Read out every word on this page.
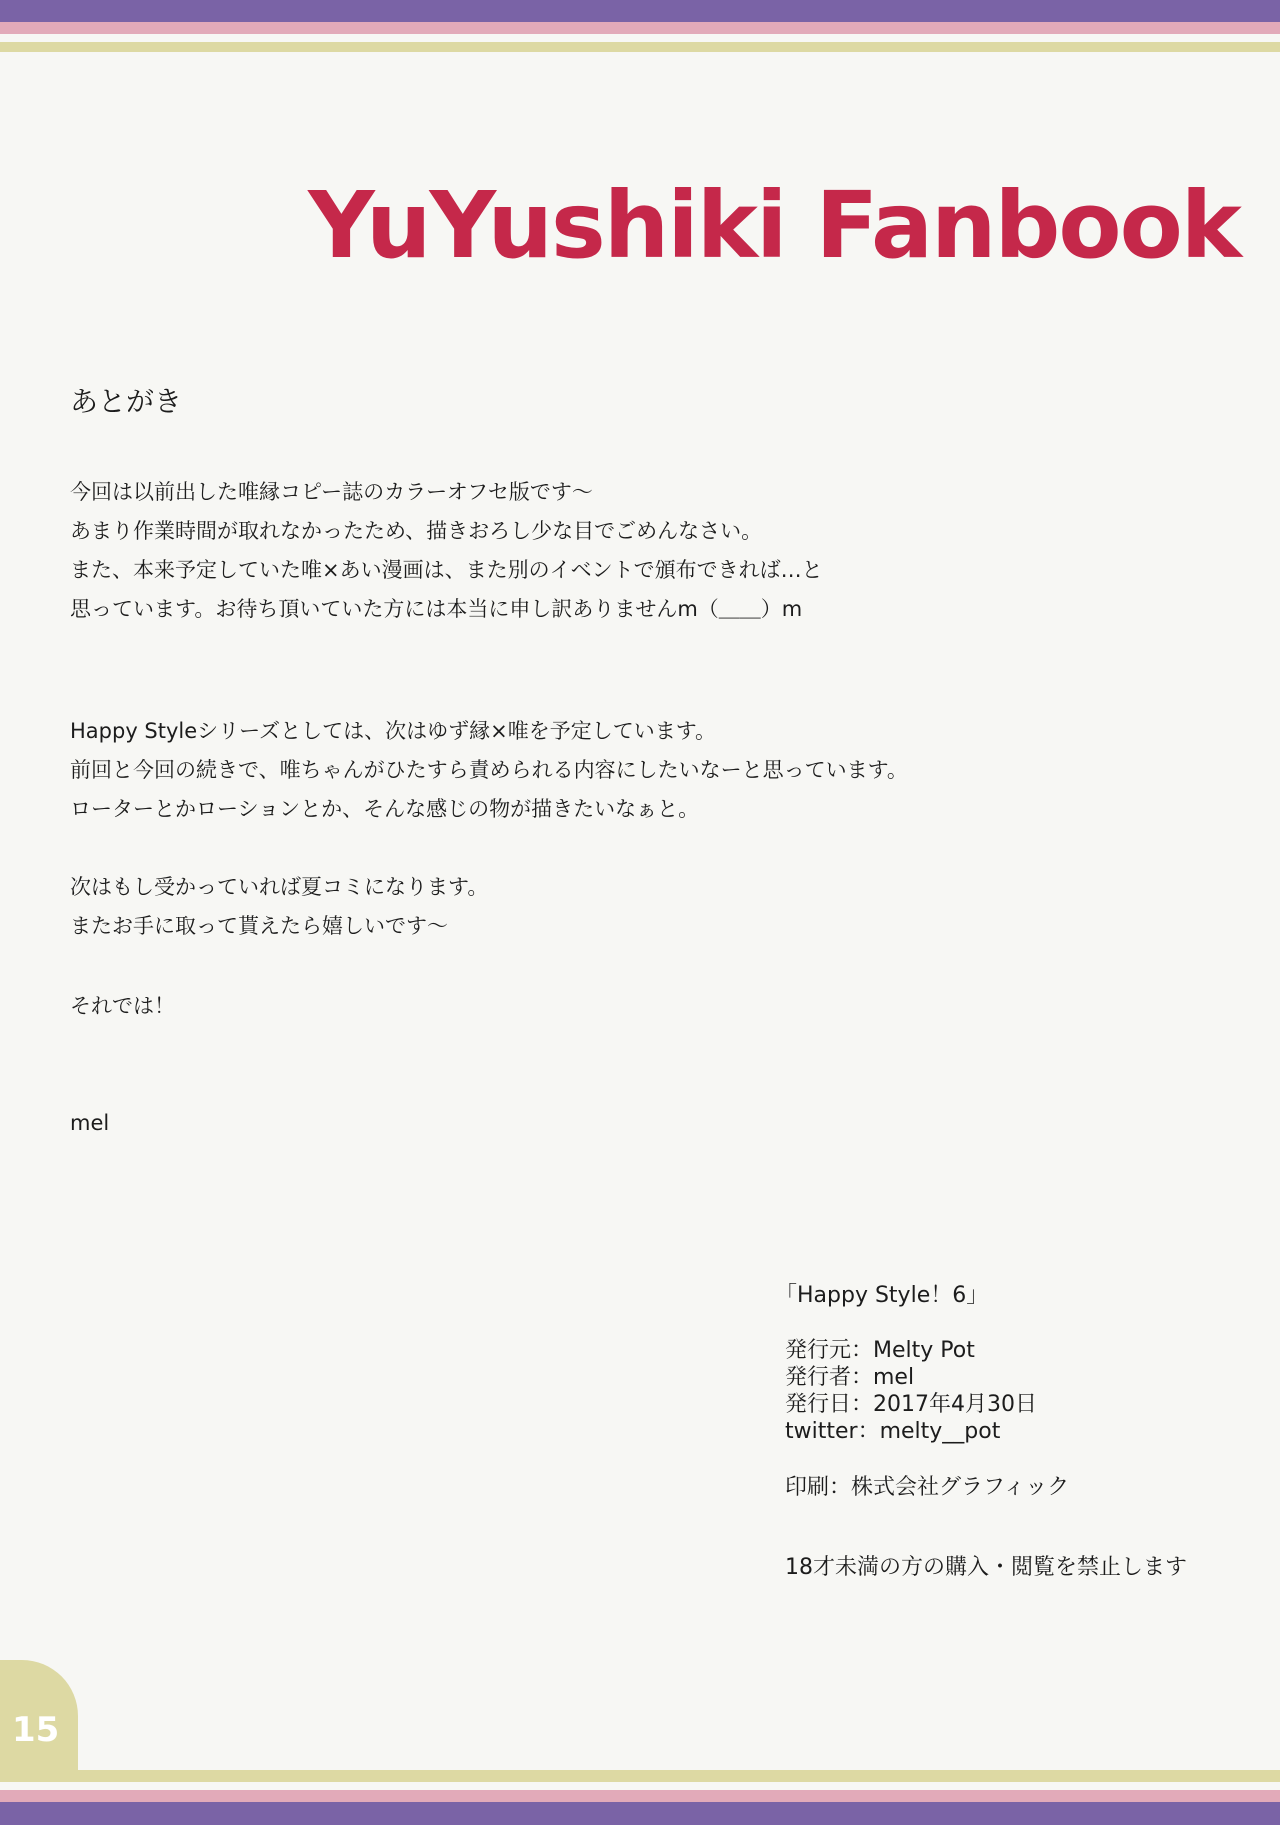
YuYushiki Fanbook
あとがき
今回は以前出した唯縁コピー誌のカラーオフセ版です～
あまり作業時間が取れなかったため、描きおろし少な目でごめんなさい。
また、本来予定していた唯×あい漫画は、また別のイベントで頒布できれば…と
思っています。お待ち頂いていた方には本当に申し訳ありませんm（＿＿）m
Happy Styleシリーズとしては、次はゆず縁×唯を予定しています。
前回と今回の続きで、唯ちゃんがひたすら責められる内容にしたいなーと思っています。
ローターとかローションとか、そんな感じの物が描きたいなぁと。
次はもし受かっていれば夏コミになります。
またお手に取って貰えたら嬉しいです～
それでは！
mel
「Happy Style！6」
発行元：Melty Pot
発行者：mel
発行日：2017年4月30日
twitter：melty__pot
印刷：株式会社グラフィック
18才未満の方の購入・閲覧を禁止します
15
